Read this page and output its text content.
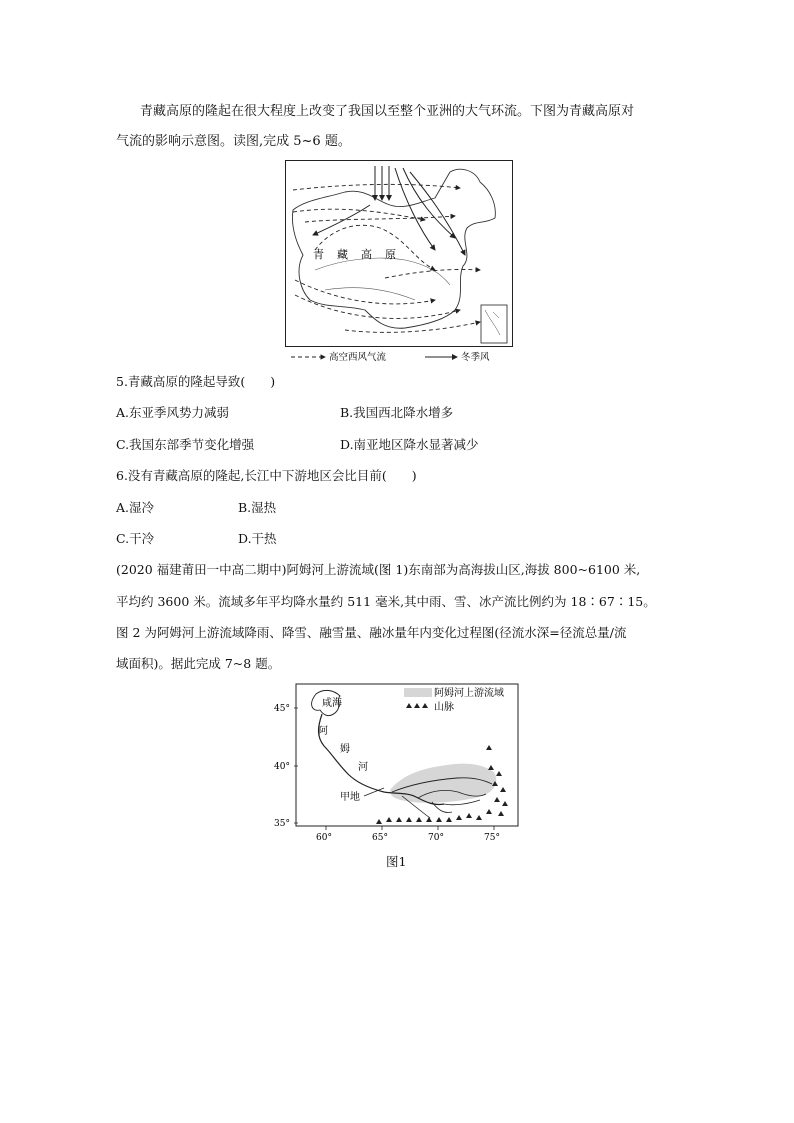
青藏高原的隆起在很大程度上改变了我国以至整个亚洲的大气环流。下图为青藏高原对
气流的影响示意图。读图,完成 5~6 题。
青 藏 高 原
高空西风气流	冬季风
5.青藏高原的隆起导致(　　)
A.东亚季风势力减弱	B.我国西北降水增多
C.我国东部季节变化增强	D.南亚地区降水显著减少
6.没有青藏高原的隆起,长江中下游地区会比目前(　　)
A.湿冷	B.湿热
C.干冷	D.干热
(2020 福建莆田一中高二期中)阿姆河上游流域(图 1)东南部为高海拔山区,海拔 800~6100 米,
平均约 3600 米。流域多年平均降水量约 511 毫米,其中雨、雪、冰产流比例约为 18∶67∶15。
图 2 为阿姆河上游流域降雨、降雪、融雪量、融冰量年内变化过程图(径流水深=径流总量/流
域面积)。据此完成 7~8 题。
咸海
阿
姆
河
甲地
阿姆河上游流域
山脉
45°
40°
35°
60°	65°	70°	75°
图1
